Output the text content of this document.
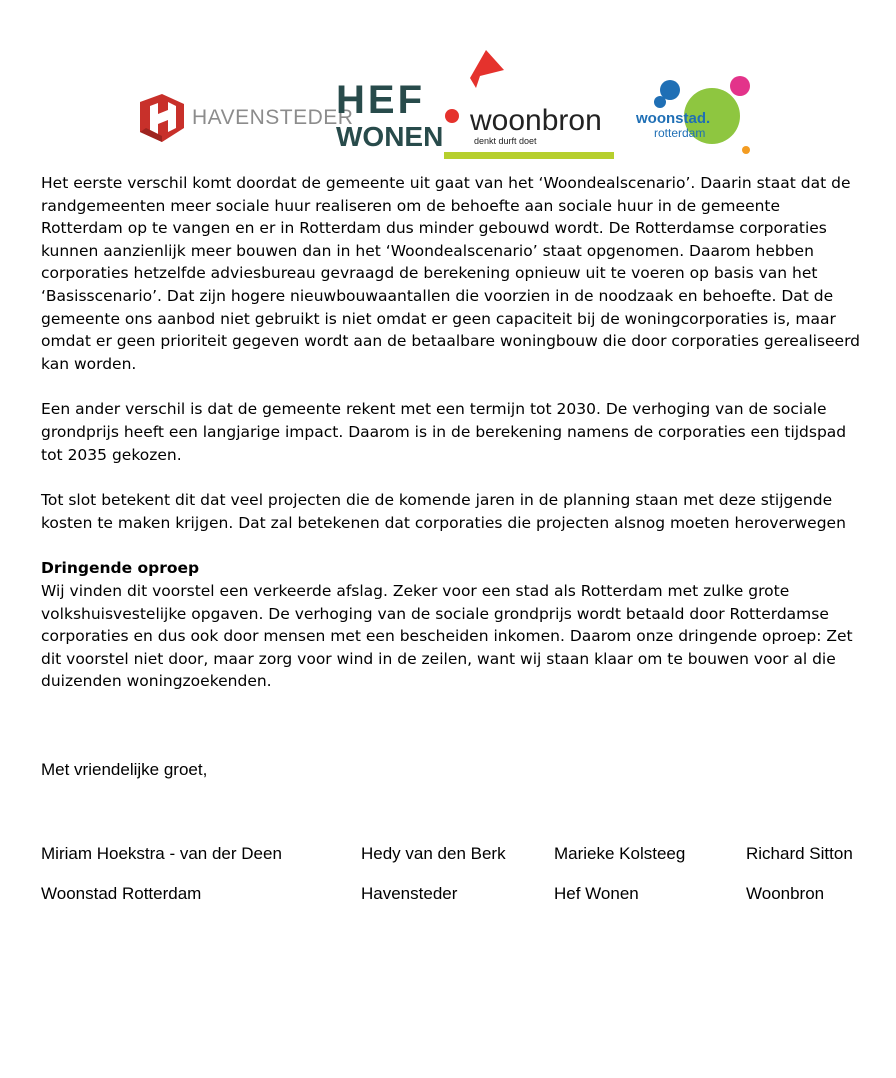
HAVENSTEDER
HEF
WONEN woonbron
denkt durft doet
woonstad.
rotterdam

Het eerste verschil komt doordat de gemeente uit gaat van het ‘Woondealscenario’. Daarin staat dat de randgemeenten meer sociale huur realiseren om de behoefte aan sociale huur in de gemeente Rotterdam op te vangen en er in Rotterdam dus minder gebouwd wordt. De Rotterdamse corporaties kunnen aanzienlijk meer bouwen dan in het ‘Woondealscenario’ staat opgenomen. Daarom hebben corporaties hetzelfde adviesbureau gevraagd de berekening opnieuw uit te voeren op basis van het ‘Basisscenario’. Dat zijn hogere nieuwbouwaantallen die voorzien in de noodzaak en behoefte. Dat de gemeente ons aanbod niet gebruikt is niet omdat er geen capaciteit bij de woningcorporaties is, maar omdat er geen prioriteit gegeven wordt aan de betaalbare woningbouw die door corporaties gerealiseerd kan worden.

Een ander verschil is dat de gemeente rekent met een termijn tot 2030. De verhoging van de sociale grondprijs heeft een langjarige impact. Daarom is in de berekening namens de corporaties een tijdspad tot 2035 gekozen.

Tot slot betekent dit dat veel projecten die de komende jaren in de planning staan met deze stijgende kosten te maken krijgen. Dat zal betekenen dat corporaties die projecten alsnog moeten heroverwegen

Dringende oproep

Wij vinden dit voorstel een verkeerde afslag. Zeker voor een stad als Rotterdam met zulke grote volkshuisvestelijke opgaven. De verhoging van de sociale grondprijs wordt betaald door Rotterdamse corporaties en dus ook door mensen met een bescheiden inkomen. Daarom onze dringende oproep: Zet dit voorstel niet door, maar zorg voor wind in de zeilen, want wij staan klaar om te bouwen voor al die duizenden woningzoekenden.

Met vriendelijke groet,
Miriam Hoekstra - van der Deen
Woonstad Rotterdam
Hedy van den Berk
Havensteder
Marieke Kolsteeg
Hef Wonen
Richard Sitton
Woonbron
